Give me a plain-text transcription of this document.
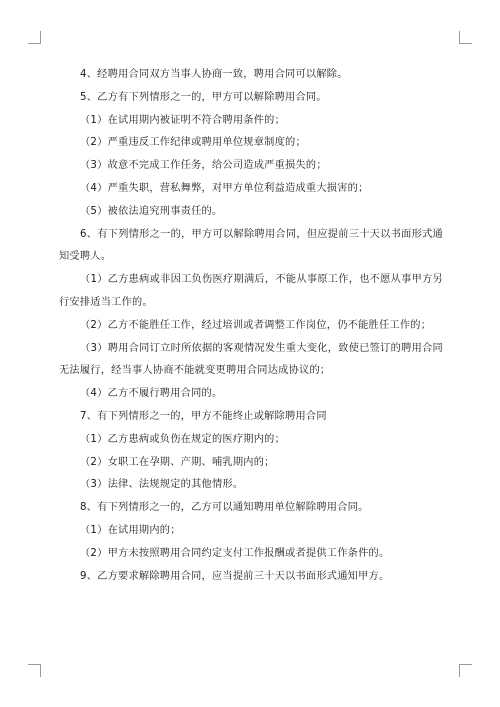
4、经聘用合同双方当事人协商一致，聘用合同可以解除。

5、乙方有下列情形之一的，甲方可以解除聘用合同。

（1）在试用期内被证明不符合聘用条件的；

（2）严重违反工作纪律或聘用单位规章制度的；

（3）故意不完成工作任务，给公司造成严重损失的；

（4）严重失职，营私舞弊，对甲方单位利益造成重大损害的；

（5）被依法追究刑事责任的。

6、有下列情形之一的，甲方可以解除聘用合同，但应提前三十天以书面形式通知受聘人。

（1）乙方患病或非因工负伤医疗期满后，不能从事原工作，也不愿从事甲方另行安排适当工作的。

（2）乙方不能胜任工作，经过培训或者调整工作岗位，仍不能胜任工作的；

（3）聘用合同订立时所依据的客观情况发生重大变化，致使已签订的聘用合同无法履行，经当事人协商不能就变更聘用合同达成协议的；

（4）乙方不履行聘用合同的。

7、有下列情形之一的，甲方不能终止或解除聘用合同

（1）乙方患病或负伤在规定的医疗期内的；

（2）女职工在孕期、产期、哺乳期内的；

（3）法律、法规规定的其他情形。

8、有下列情形之一的，乙方可以通知聘用单位解除聘用合同。

（1）在试用期内的；

（2）甲方未按照聘用合同约定支付工作报酬或者提供工作条件的。

9、乙方要求解除聘用合同，应当提前三十天以书面形式通知甲方。
